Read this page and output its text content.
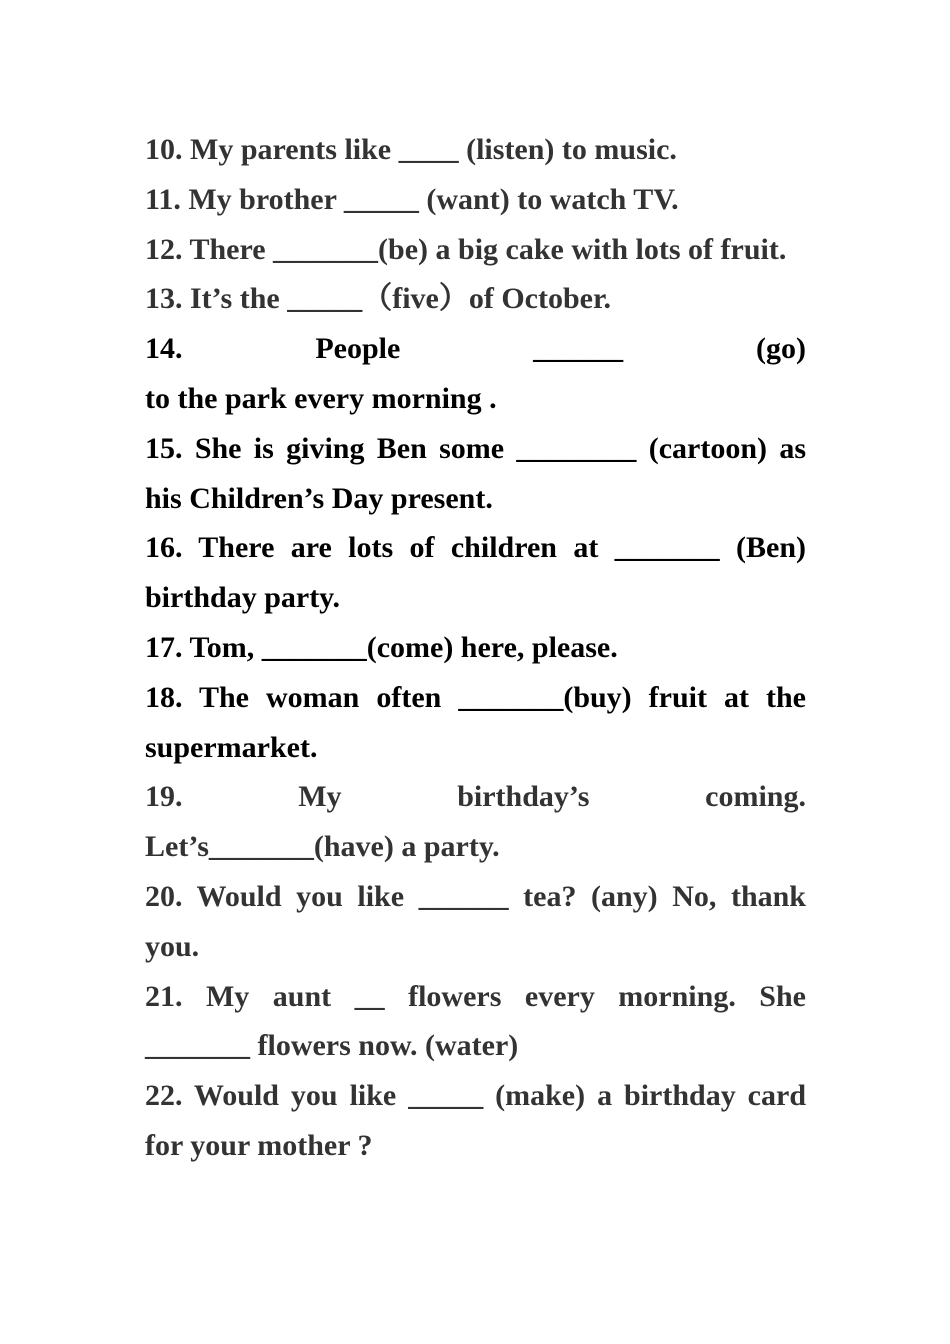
10. My parents like ____ (listen) to music.

11. My brother _____ (want) to watch TV.

12. There _______(be) a big cake with lots of fruit.

13. It’s the _____（five）of October.

14. People ______ (go)

to the park every morning .

15. She is giving Ben some ________ (cartoon) as his Children’s Day present.

16. There are lots of children at _______ (Ben) birthday party.

17. Tom, _______(come) here, please.

18. The woman often _______(buy) fruit at the supermarket.

19. My birthday’s coming.

Let’s_______(have) a party.

20. Would you like ______ tea? (any) No, thank you.

21. My aunt __ flowers every morning. She _______ flowers now. (water)

22. Would you like _____ (make) a birthday card for your mother ?
